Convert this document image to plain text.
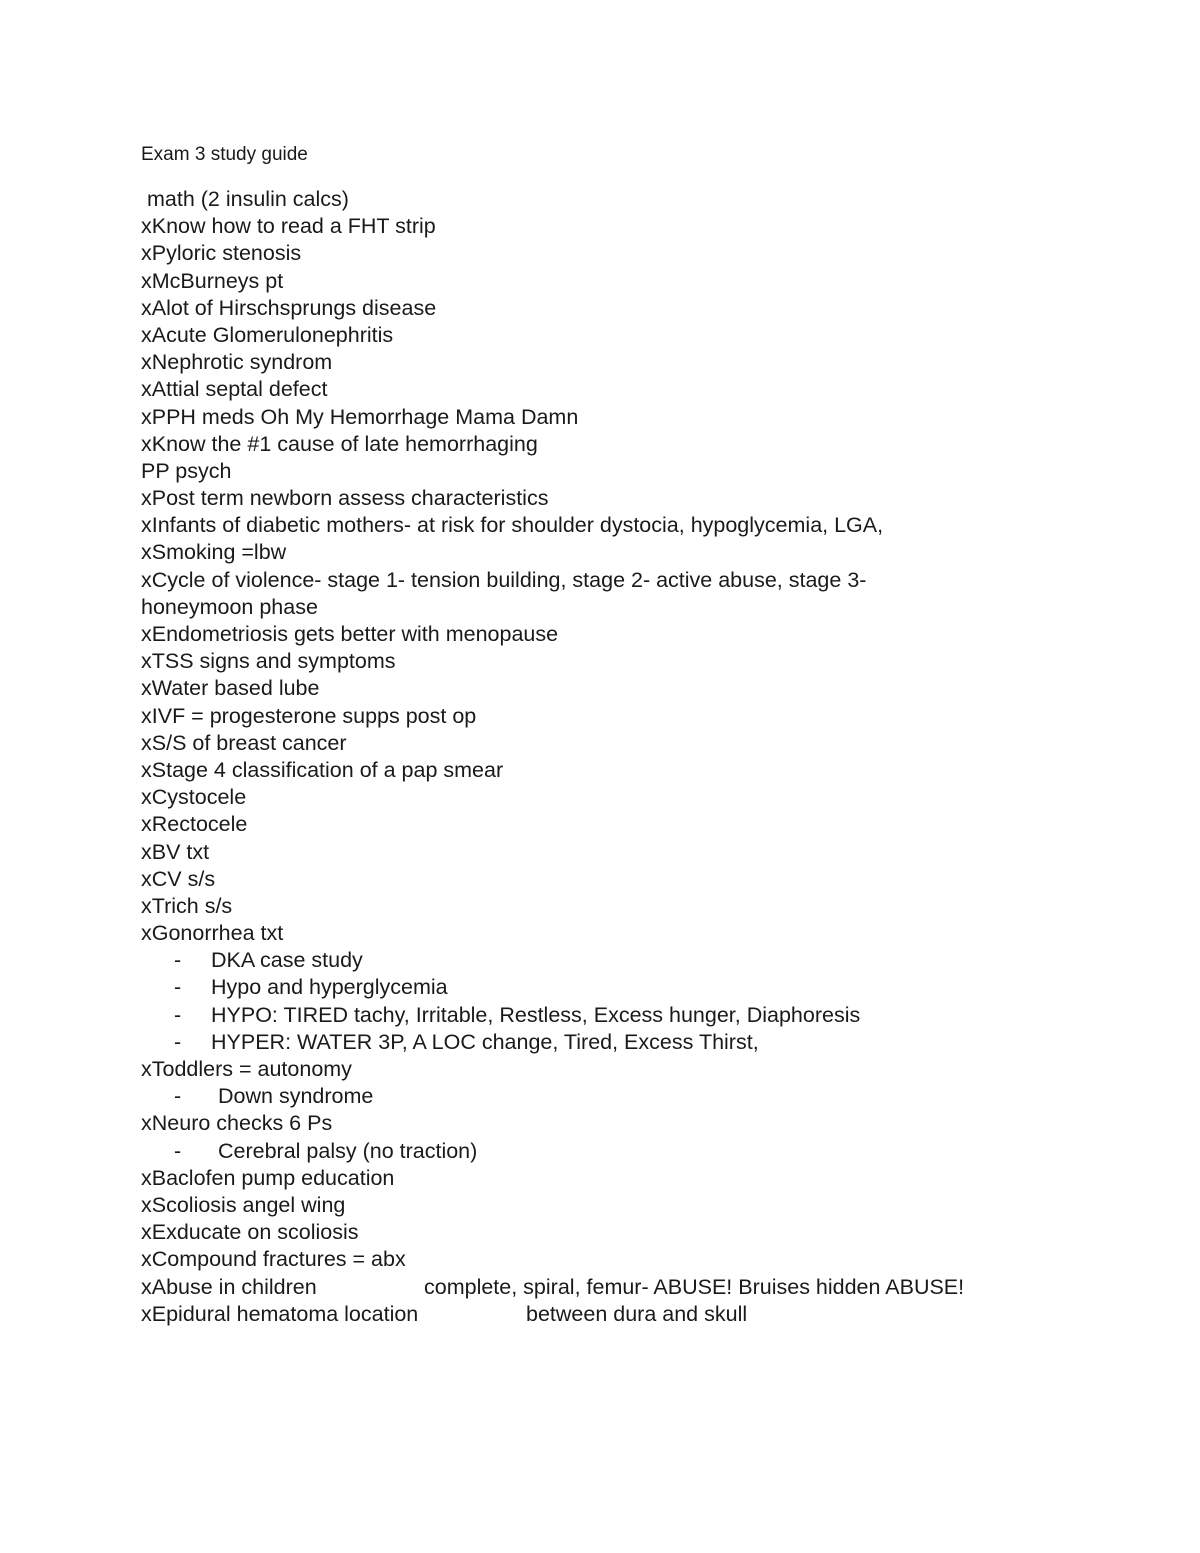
Exam 3 study guide
math (2 insulin calcs)
xKnow how to read a FHT strip
xPyloric stenosis
xMcBurneys pt
xAlot of Hirschsprungs disease
xAcute Glomerulonephritis
xNephrotic syndrom
xAttial septal defect
xPPH meds Oh My Hemorrhage Mama Damn
xKnow the #1 cause of late hemorrhaging
PP psych
xPost term newborn assess characteristics
xInfants of diabetic mothers- at risk for shoulder dystocia, hypoglycemia, LGA,
xSmoking =lbw
xCycle of violence- stage 1- tension building, stage 2- active abuse, stage 3-
honeymoon phase
xEndometriosis gets better with menopause
xTSS signs and symptoms
xWater based lube
xIVF = progesterone supps post op
xS/S of breast cancer
xStage 4 classification of a pap smear
xCystocele
xRectocele
xBV txt
xCV s/s
xTrich s/s
xGonorrhea txt
- DKA case study
- Hypo and hyperglycemia
- HYPO: TIRED tachy, Irritable, Restless, Excess hunger, Diaphoresis
- HYPER: WATER 3P, A LOC change, Tired, Excess Thirst,
xToddlers = autonomy
- Down syndrome
xNeuro checks 6 Ps
- Cerebral palsy (no traction)
xBaclofen pump education
xScoliosis angel wing
xExducate on scoliosis
xCompound fractures = abx
xAbuse in children	complete, spiral, femur- ABUSE! Bruises hidden ABUSE!
xEpidural hematoma location	between dura and skull
